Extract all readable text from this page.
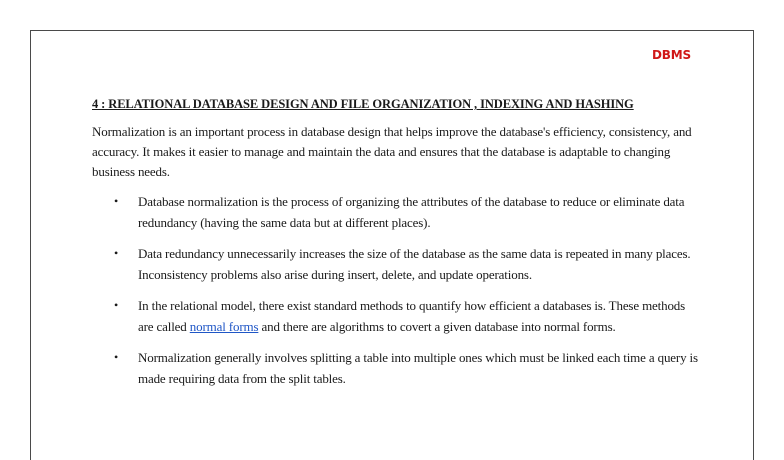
DBMS

4 : RELATIONAL DATABASE DESIGN AND FILE ORGANIZATION , INDEXING AND HASHING

Normalization is an important process in database design that helps improve the database's efficiency, consistency, and accuracy. It makes it easier to manage and maintain the data and ensures that the database is adaptable to changing business needs.

• Database normalization is the process of organizing the attributes of the database to reduce or eliminate data redundancy (having the same data but at different places).
• Data redundancy unnecessarily increases the size of the database as the same data is repeated in many places. Inconsistency problems also arise during insert, delete, and update operations.
• In the relational model, there exist standard methods to quantify how efficient a databases is. These methods are called normal forms and there are algorithms to covert a given database into normal forms.
• Normalization generally involves splitting a table into multiple ones which must be linked each time a query is made requiring data from the split tables.
